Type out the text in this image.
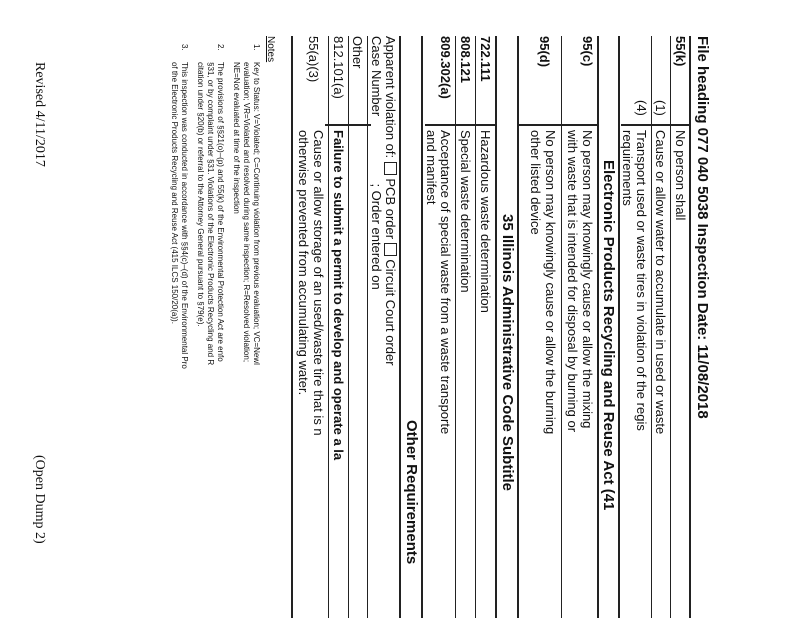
File heading 077 040 5038 Inspection Date: 11/08/2018
55(k)
No person shall
(1)
Cause or allow water to accumulate in used or waste
(4)
Transport used or waste tires in violation of the regis
requirements
Electronic Products Recycling and Reuse Act (41
95(c)
No person may knowingly cause or allow the mixing
with waste that is intended for disposal by burning or
95(d)
No person may knowingly cause or allow the burning
other listed device
35 Illinois Administrative Code Subtitle
722.111
Hazardous waste determination
808.121
Special waste determination
809.302(a)
Acceptance of special waste from a waste transporte
and manifest
Other Requirements
Apparent violation of:  PCB order  Circuit Court order
Case Number  ; Order entered on
Other
812.101(a)
Failure to submit a permit to develop and operate a la
55(a)(3)
Cause or allow storage of an used/waste tire that is n
otherwise prevented from accumulating water.
Notes
1.
Key to Status: V=Violated; C=Continuing violation from previous evaluation; VC=Newl
evaluation; VR=Violated and resolved during same inspection; R=Resolved violation;
NE=Not evaluated at time of the inspection
2.
The provisions of §§21(o)–(p) and 55(k) of the Environmental Protection Act are enfo
§31, or by complaint under §31. Violations of the Electronic Products Recycling and R
citation under §20(b) or referral to the Attorney General pursuant to §79(e).
3.
This inspection was conducted in accordance with §§4(c)–(d) of the Environmental Pro
of the Electronic Products Recycling and Reuse Act (415 ILCS 150/20(a)).
Revised 4/11/2017
(Open Dump 2)
